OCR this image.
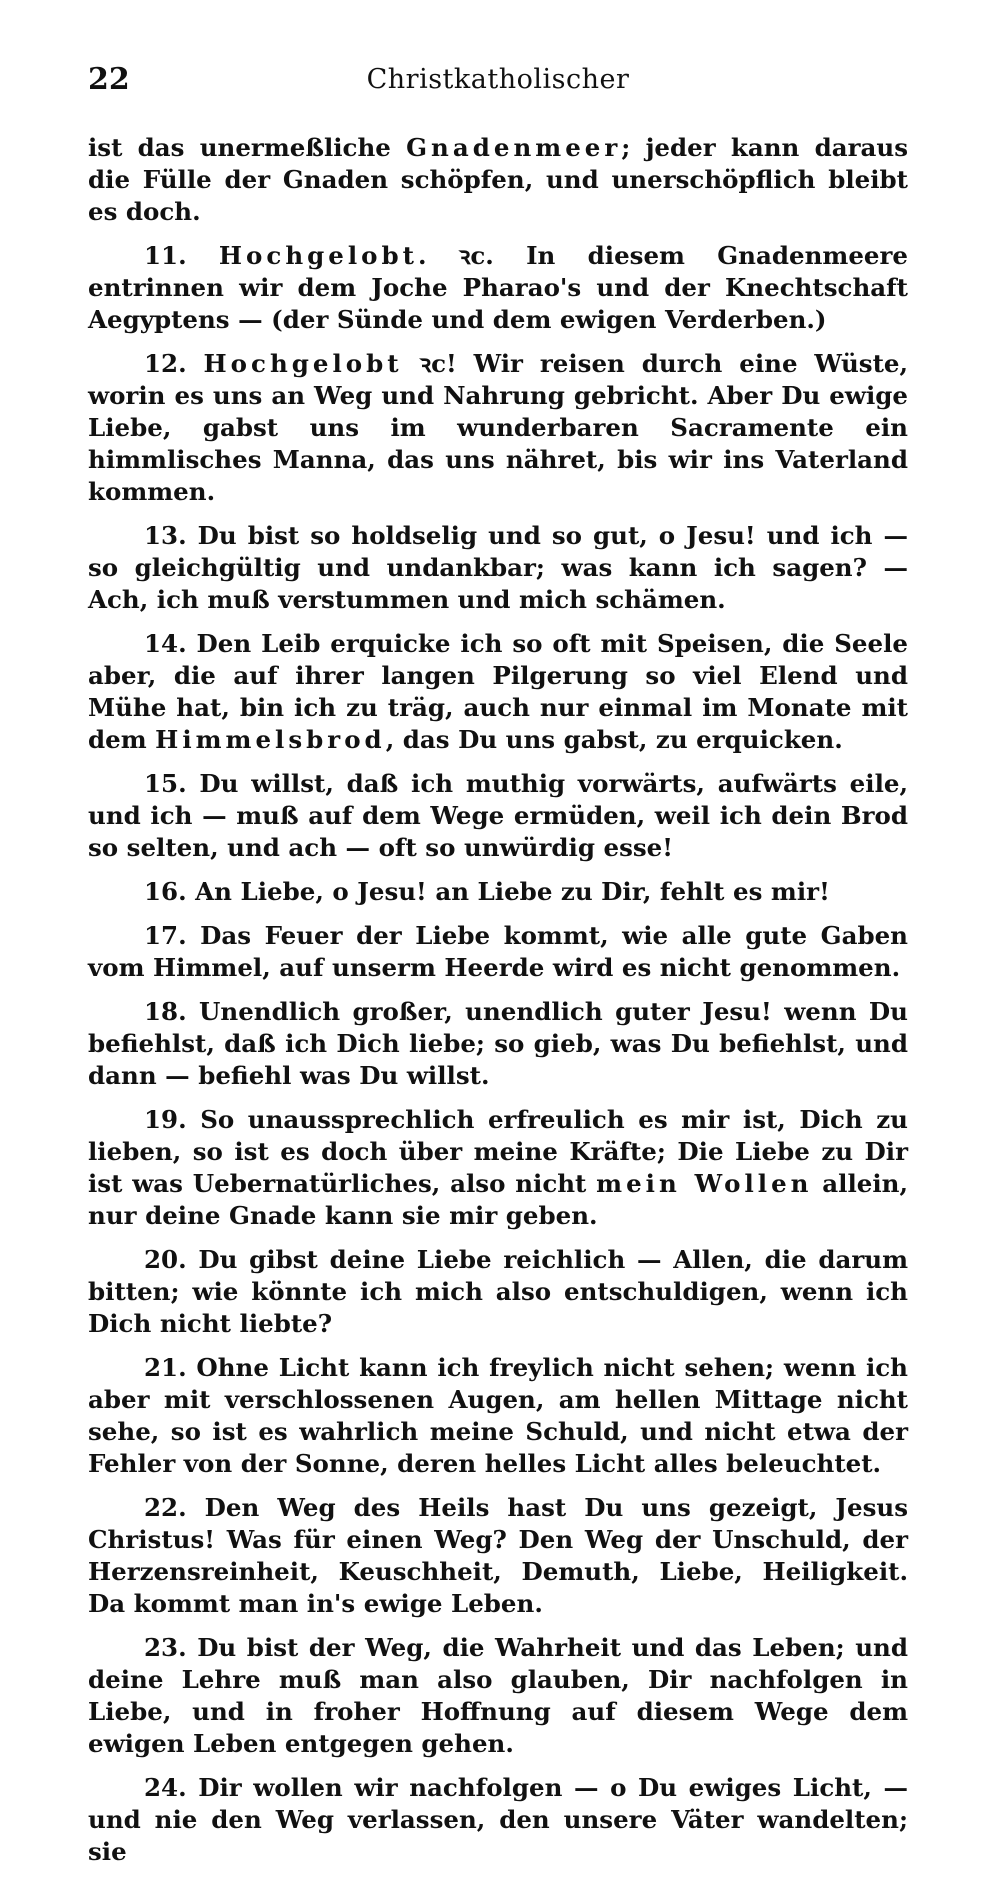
22	Christkatholischer

ist das unermeßliche Gnadenmeer; jeder kann daraus die Fülle der Gnaden schöpfen, und unerschöpflich bleibt es doch.

11. Hochgelobt. ꝛc. In diesem Gnadenmeere entrinnen wir dem Joche Pharao's und der Knechtschaft Aegyptens — (der Sünde und dem ewigen Verderben.)

12. Hochgelobt ꝛc! Wir reisen durch eine Wüste, worin es uns an Weg und Nahrung gebricht. Aber Du ewige Liebe, gabst uns im wunderbaren Sacramente ein himmlisches Manna, das uns nähret, bis wir ins Vaterland kommen.

13. Du bist so holdselig und so gut, o Jesu! und ich — so gleichgültig und undankbar; was kann ich sagen? — Ach, ich muß verstummen und mich schämen.

14. Den Leib erquicke ich so oft mit Speisen, die Seele aber, die auf ihrer langen Pilgerung so viel Elend und Mühe hat, bin ich zu träg, auch nur einmal im Monate mit dem Himmelsbrod, das Du uns gabst, zu erquicken.

15. Du willst, daß ich muthig vorwärts, aufwärts eile, und ich — muß auf dem Wege ermüden, weil ich dein Brod so selten, und ach — oft so unwürdig esse!

16. An Liebe, o Jesu! an Liebe zu Dir, fehlt es mir!

17. Das Feuer der Liebe kommt, wie alle gute Gaben vom Himmel, auf unserm Heerde wird es nicht genommen.

18. Unendlich großer, unendlich guter Jesu! wenn Du befiehlst, daß ich Dich liebe; so gieb, was Du befiehlst, und dann — befiehl was Du willst.

19. So unaussprechlich erfreulich es mir ist, Dich zu lieben, so ist es doch über meine Kräfte; Die Liebe zu Dir ist was Uebernatürliches, also nicht mein Wollen allein, nur deine Gnade kann sie mir geben.

20. Du gibst deine Liebe reichlich — Allen, die darum bitten; wie könnte ich mich also entschuldigen, wenn ich Dich nicht liebte?

21. Ohne Licht kann ich freylich nicht sehen; wenn ich aber mit verschlossenen Augen, am hellen Mittage nicht sehe, so ist es wahrlich meine Schuld, und nicht etwa der Fehler von der Sonne, deren helles Licht alles beleuchtet.

22. Den Weg des Heils hast Du uns gezeigt, Jesus Christus! Was für einen Weg? Den Weg der Unschuld, der Herzensreinheit, Keuschheit, Demuth, Liebe, Heiligkeit. Da kommt man in's ewige Leben.

23. Du bist der Weg, die Wahrheit und das Leben; und deine Lehre muß man also glauben, Dir nachfolgen in Liebe, und in froher Hoffnung auf diesem Wege dem ewigen Leben entgegen gehen.

24. Dir wollen wir nachfolgen — o Du ewiges Licht, — und nie den Weg verlassen, den unsere Väter wandelten; sie
